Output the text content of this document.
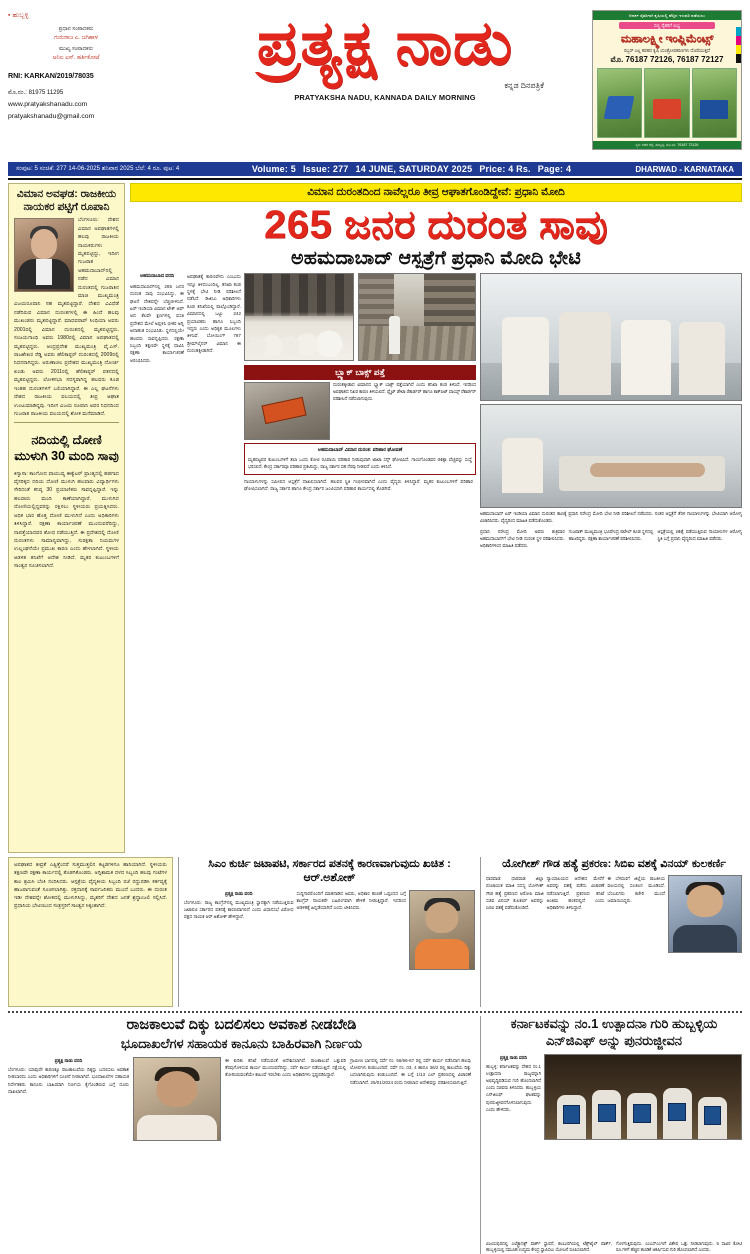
▪ ಹುಬ್ಬಳ್ಳಿ
ಪ್ರಧಾನ ಸಂಪಾದಕರು
ಗುರುರಾಜ ಎ. ಜಗಿಹಾಳ
ಮುಖ್ಯ ಸಂಪಾದಕರು
ಅನಿಲ ಎಸ್. ಹರ್ತಿಕೋಟೆ
RNI: KARKAN/2019/78035
ಮೊ.ನಂ.: 81975 11295
www.pratyakshanadu.com
pratyakshanadu@gmail.com
ಪ್ರತ್ಯಕ್ಷ ನಾಡು
ಕನ್ನಡ ದಿನಪತ್ರಿಕೆ
PRATYAKSHA NADU, KANNADA DAILY MORNING
ಆದರ್ಶ ರೈತರಿಗಾಗಿ ಕೃಷಿಯಲ್ಲಿ ಹೆಚ್ಚಿನ ಇಳುವರಿ ಪಡೆಯಲು
ಸಣ್ಣ ರೈತರಿಗೆ ಲಭ್ಯ
ಮಹಾಲಕ್ಷ್ಮೀ ಇಂಪ್ಲಿಮೆಂಟ್ಸ್
ರಬ್ಬರ್ ಎಲ್ಲ ತರಹದ ಕೃಷಿ ಯಂತ್ರೋಪಕರಣಗಳು ದೊರೆಯುತ್ತದೆ
ಮೊ. 76187 72126, 76187 72127
ಸ್ಥಳ: ಗದಗ ರಸ್ತೆ, ಹುಬ್ಬಳ್ಳಿ, ಮೊ.ನಂ. 76187 72126
ಸಂಪುಟ: 5 ಸಂಚಿಕೆ: 277 14-06-2025 ಶನಿವಾರ 2025 ಬೆಲೆ: 4 ರೂ. ಪುಟ: 4	Volume: 5 Issue: 277 14 JUNE, SATURDAY 2025 Price: 4 Rs. Page: 4	DHARWAD - KARNATAKA
ವಿಮಾನ ಅವಘಡ: ರಾಜಕೀಯ ನಾಯಕರ ಪಟ್ಟಿಗೆ ರೂಪಾನಿ
ಬೆಂಗಳೂರು: ದೇಶದ ವಿಮಾನ ಅವಘಾತಗಳಲ್ಲಿ ಹಲವು ರಾಜಕೀಯ ನಾಯಕರುಗಳು ಮೃತಪಟ್ಟಿದ್ದು, ಇದೀಗ ಗುಜರಾತ ಅಹಮದಾಬಾದ್‌ನಲ್ಲಿ ನಡೆದ ವಿಮಾನ ದುರಂತದಲ್ಲಿ ಗುಜರಾತಿನ ಮಾಜಿ ಮುಖ್ಯಮಂತ್ರಿ ವಿಜಯರೂಪಾನಿ ಸಹ ಮೃತಪಟ್ಟಿದ್ದಾರೆ. ದೇಶದ ವಿವಿಧೆಡೆ ನಡೆದಿರುವ ವಿಮಾನ ದುರಂತಗಳಲ್ಲಿ ಈ ಹಿಂದೆ ಹಲವು ಮುಖಂಡರು ಮೃತಪಟ್ಟಿದ್ದಾರೆ. ಮಾಧವರಾವ್ ಸಿಂಧಿಯಾ ಅವರು 2001ರಲ್ಲಿ ವಿಮಾನ ದುರಂತದಲ್ಲಿ ಮೃತಪಟ್ಟಿದ್ದರು. ಸಂಜಯಗಾಂಧಿ ಅವರು 1980ರಲ್ಲಿ ವಿಮಾನ ಅಪಘಾತದಲ್ಲಿ ಮೃತಪಟ್ಟಿದ್ದರು. ಆಂಧ್ರಪ್ರದೇಶ ಮುಖ್ಯಮಂತ್ರಿ ವೈ.ಎಸ್. ರಾಜಶೇಖರ ರೆಡ್ಡಿ ಅವರು ಹೆಲಿಕಾಪ್ಟರ್ ದುರಂತದಲ್ಲಿ 2009ರಲ್ಲಿ ನಿಧನರಾಗಿದ್ದರು. ಅರುಣಾಚಲ ಪ್ರದೇಶದ ಮುಖ್ಯಮಂತ್ರಿ ದೋರ್ಜಿ ಖಂಡು ಅವರು 2011ರಲ್ಲಿ ಹೆಲಿಕಾಪ್ಟರ್ ಪತನದಲ್ಲಿ ಮೃತಪಟ್ಟಿದ್ದರು. ಲೋಕಸಭಾ ಸದಸ್ಯರಾಗಿದ್ದ ಹಲವರು ಕೂಡ ಇಂತಹ ದುರಂತಗಳಿಗೆ ಬಲಿಯಾಗಿದ್ದಾರೆ. ಈ ಎಲ್ಲ ಘಟನೆಗಳು ದೇಶದ ರಾಜಕೀಯ ವಲಯದಲ್ಲಿ ತೀವ್ರ ಆಘಾತ ಉಂಟುಮಾಡಿದ್ದವು. ಇದೀಗ ವಿಜಯ ರೂಪಾನಿ ಅವರ ನಿಧನದಿಂದ ಗುಜರಾತ ರಾಜಕೀಯ ವಲಯದಲ್ಲಿ ಶೋಕ ಮನೆಮಾಡಿದೆ.
ನದಿಯಲ್ಲಿ ದೋಣಿ ಮುಳುಗಿ 30 ಮಂದಿ ಸಾವು
ಕಿನ್ಶಾಸಾ: ಕಾಂಗೋದ ವಾಯುವ್ಯ ಈಕ್ವೆಟರ್ ಪ್ರಾಂತ್ಯದಲ್ಲಿ ಹಡಗಾದ ವೈಸರಿಕ್ಕದ ನದಿಯ ದೋಣಿ ಮುಳುಗಿ ಹಲವಾರು ವಿದ್ಯಾರ್ಥಿಗಳು ಸೇರಿದಂತೆ ಕನಿಷ್ಠ 30 ಪ್ರಯಾಣಿಕರು ಸಾವನ್ನಪ್ಪಿದ್ದಾರೆ. ಇನ್ನು ಹಲವಾರು ಮಂದಿ ಕಾಣೆಯಾಗಿದ್ದಾರೆ. ಮುಳುಗಿದ ದೋಣಿಯಲ್ಲಿದ್ದವರನ್ನು ರಕ್ಷಿಸಲು ಸ್ಥಳೀಯರು ಪ್ರಯತ್ನಿಸಿದರು. ಅಧಿಕ ಭಾರ ಹೊತ್ತ ದೋಣಿ ಮುಳುಗಿದೆ ಎಂದು ಅಧಿಕಾರಿಗಳು ತಿಳಿಸಿದ್ದಾರೆ. ರಕ್ಷಣಾ ಕಾರ್ಯಾಚರಣೆ ಮುಂದುವರೆದಿದ್ದು, ನಾಪತ್ತೆಯಾದವರ ಶೋಧ ನಡೆಯುತ್ತಿದೆ. ಈ ಪ್ರದೇಶದಲ್ಲಿ ದೋಣಿ ದುರಂತಗಳು ಸಾಮಾನ್ಯವಾಗಿದ್ದು, ಸುರಕ್ಷತಾ ನಿಯಮಗಳ ಉಲ್ಲಂಘನೆಯೇ ಪ್ರಮುಖ ಕಾರಣ ಎಂದು ಹೇಳಲಾಗಿದೆ. ಸ್ಥಳೀಯ ಆಡಳಿತ ತನಿಖೆಗೆ ಆದೇಶ ನೀಡಿದೆ. ಮೃತರ ಕುಟುಂಬಗಳಿಗೆ ಸಾಂತ್ವನ ಸೂಚಿಸಲಾಗಿದೆ.
ವಿಮಾನ ದುರಂತದಿಂದ ನಾವೆಲ್ಲರೂ ತೀವ್ರ ಆಘಾತಗೊಂಡಿದ್ದೇವೆ: ಪ್ರಧಾನಿ ಮೋದಿ
265 ಜನರ ದುರಂತ ಸಾವು
ಅಹಮದಾಬಾದ್ ಆಸ್ಪತ್ರೆಗೆ ಪ್ರಧಾನಿ ಮೋದಿ ಭೇಟಿ
ಅಹಮದಾಬಾದ ವರದಿ
ಅಹಮದಾಬಾದ್‌ನಲ್ಲಿ 265 ಜನರ ದುರಂತ ಸಾವು ಸಂಭವಿಸಿದ್ದು, ಈ ಘಟನೆ ದೇಶವನ್ನೇ ಬೆಚ್ಚಿಬೀಳಿಸಿದೆ. ಏರ್ ಇಂಡಿಯಾ ವಿಮಾನ ಟೇಕ್ ಆಫ್ ಆದ ಕೆಲವೇ ಕ್ಷಣಗಳಲ್ಲಿ ವಸತಿ ಪ್ರದೇಶದ ಮೇಲೆ ಅಪ್ಪಳಿಸಿ ಭೀಕರ ಅಗ್ನಿ ಅನಾಹುತ ಸಂಭವಿಸಿತು. ಸ್ಥಳದಲ್ಲಿಯೇ ಹಲವರು ಸಾವನ್ನಪ್ಪಿದರು. ರಕ್ಷಣಾ ಸಿಬ್ಬಂದಿ ತಕ್ಷಣವೇ ಸ್ಥಳಕ್ಕೆ ಧಾವಿಸಿ ರಕ್ಷಣಾ ಕಾರ್ಯಾಚರಣೆ ಆರಂಭಿಸಿದರು.
ಅಪಘಾತಕ್ಕೆ ಕಾರಣವೇನು ಎಂಬುದು ಇನ್ನೂ ತಿಳಿದುಬಂದಿಲ್ಲ. ತನಿಖಾ ತಂಡ ಸ್ಥಳಕ್ಕೆ ಭೇಟಿ ನೀಡಿ ಪರಿಶೀಲನೆ ನಡೆಸಿದೆ. ಡಿಜಿಸಿಎ ಅಧಿಕಾರಿಗಳು ಕೂಡ ತನಿಖೆಯಲ್ಲಿ ಪಾಲ್ಗೊಂಡಿದ್ದಾರೆ. ವಿಮಾನದಲ್ಲಿ ಒಟ್ಟು 242 ಪ್ರಯಾಣಿಕರು ಹಾಗೂ ಸಿಬ್ಬಂದಿ ಇದ್ದರು ಎಂದು ಅಧಿಕೃತ ಮೂಲಗಳು ತಿಳಿಸಿವೆ. ಬೋಯಿಂಗ್ 787 ಡ್ರೀಮ್‌ಲೈನರ್ ವಿಮಾನ ಈ ದುರಂತಕ್ಕೀಡಾಗಿದೆ.
ಬ್ಲ್ಯಾಕ್ ಬಾಕ್ಸ್ ಪತ್ತೆ
ದುರಂತಕ್ಕೀಡಾದ ವಿಮಾನದ ಬ್ಲ್ಯಾಕ್ ಬಾಕ್ಸ್ ಪತ್ತೆಯಾಗಿದೆ ಎಂದು ತನಿಖಾ ತಂಡ ತಿಳಿಸಿದೆ. ಇದರಿಂದ ಅಪಘಾತದ ನಿಖರ ಕಾರಣ ತಿಳಿಯಲಿದೆ. ಫ್ಲೈಟ್ ಡೇಟಾ ರೆಕಾರ್ಡರ್ ಹಾಗೂ ಕಾಕ್‌ಪಿಟ್ ವಾಯ್ಸ್ ರೆಕಾರ್ಡರ್ ಪರಿಶೀಲನೆ ನಡೆಸಲಾಗುವುದು.
ಅಹಮದಾಬಾದ್ ವಿಮಾನ ದುರಂತ: ಪರಿಹಾರ ಘೋಷಣೆ
ಮೃತಪಟ್ಟವರ ಕುಟುಂಬಗಳಿಗೆ ತಲಾ ಒಂದು ಕೋಟಿ ರೂಪಾಯಿ ಪರಿಹಾರ ನೀಡುವುದಾಗಿ ಟಾಟಾ ಸನ್ಸ್ ಘೋಷಿಸಿದೆ. ಗಾಯಗೊಂಡವರ ಚಿಕಿತ್ಸಾ ವೆಚ್ಚವನ್ನು ಸಂಸ್ಥೆ ಭರಿಸಲಿದೆ. ಕೇಂದ್ರ ಸರ್ಕಾರವೂ ಪರಿಹಾರ ಪ್ರಕಟಿಸಿದ್ದು, ರಾಜ್ಯ ಸರ್ಕಾರ ಸಹ ನೆರವು ನೀಡಲಿದೆ ಎಂದು ತಿಳಿಸಿದೆ.
ಗಾಯಾಳುಗಳನ್ನು ಸಮೀಪದ ಆಸ್ಪತ್ರೆಗೆ ದಾಖಲಿಸಲಾಗಿದೆ. ಹಲವರ ಸ್ಥಿತಿ ಗಂಭೀರವಾಗಿದೆ ಎಂದು ವೈದ್ಯರು ತಿಳಿಸಿದ್ದಾರೆ. ಮೃತರ ಕುಟುಂಬಗಳಿಗೆ ಪರಿಹಾರ ಘೋಷಿಸಲಾಗಿದೆ. ರಾಜ್ಯ ಸರ್ಕಾರ ಹಾಗೂ ಕೇಂದ್ರ ಸರ್ಕಾರ ಜಂಟಿಯಾಗಿ ಪರಿಹಾರ ಕಾರ್ಯದಲ್ಲಿ ತೊಡಗಿವೆ.
ಅಹಮದಾಬಾದ್ ಏರ್ ಇಂಡಿಯಾ ವಿಮಾನ ದುರಂತದ ತಾಣಕ್ಕೆ ಪ್ರಧಾನಿ ನರೇಂದ್ರ ಮೋದಿ ಭೇಟಿ ನೀಡಿ ಪರಿಶೀಲನೆ ನಡೆಸಿದರು. ನಂತರ ಆಸ್ಪತ್ರೆಗೆ ತೆರಳಿ ಗಾಯಾಳುಗಳನ್ನು ಭೇಟಿಯಾಗಿ ಆರೋಗ್ಯ ವಿಚಾರಿಸಿದರು. ವೈದ್ಯರಿಂದ ಮಾಹಿತಿ ಪಡೆದುಕೊಂಡರು.
ಪ್ರಧಾನಿ ನರೇಂದ್ರ ಮೋದಿ ಅವರು ಶುಕ್ರವಾರ ಅಹಮದಾಬಾದ್‌ಗೆ ಭೇಟಿ ನೀಡಿ ದುರಂತ ಸ್ಥಳ ಪರಿಶೀಲಿಸಿದರು. ಅಧಿಕಾರಿಗಳಿಂದ ಮಾಹಿತಿ ಪಡೆದರು.
ಗುಜರಾತ್ ಮುಖ್ಯಮಂತ್ರಿ ಭೂಪೇಂದ್ರ ಪಟೇಲ್ ಕೂಡ ಸ್ಥಳದಲ್ಲಿ ಹಾಜರಿದ್ದರು. ರಕ್ಷಣಾ ಕಾರ್ಯಾಚರಣೆ ಪರಿಶೀಲಿಸಿದರು.
ಆಸ್ಪತ್ರೆಯಲ್ಲಿ ಚಿಕಿತ್ಸೆ ಪಡೆಯುತ್ತಿರುವ ಗಾಯಾಳುಗಳ ಆರೋಗ್ಯ ಸ್ಥಿತಿ ಬಗ್ಗೆ ಪ್ರಧಾನಿ ವೈದ್ಯರಿಂದ ಮಾಹಿತಿ ಪಡೆದರು.
ಅಪಘಾತದ ತೀವ್ರತೆ ಎಷ್ಟಿತ್ತೆಂದರೆ ಸುತ್ತಮುತ್ತಲಿನ ಕಟ್ಟಡಗಳಿಗೂ ಹಾನಿಯಾಗಿದೆ. ಸ್ಥಳೀಯರು ತಕ್ಷಣವೇ ರಕ್ಷಣಾ ಕಾರ್ಯದಲ್ಲಿ ತೊಡಗಿಕೊಂಡರು. ಅಗ್ನಿಶಾಮಕ ದಳದ ಸಿಬ್ಬಂದಿ ಹಲವು ಗಂಟೆಗಳ ಕಾಲ ಶ್ರಮಿಸಿ ಬೆಂಕಿ ನಂದಿಸಿದರು. ಆಸ್ಪತ್ರೆಯ ವೈದ್ಯಕೀಯ ಸಿಬ್ಬಂದಿ ರಜೆ ರದ್ದುಪಡಿಸಿ ಕರ್ತವ್ಯಕ್ಕೆ ಹಾಜರಾಗುವಂತೆ ಸೂಚಿಸಲಾಗಿತ್ತು. ರಕ್ತದಾನಕ್ಕೆ ಸಾರ್ವಜನಿಕರು ಮುಂದೆ ಬಂದರು. ಈ ದುರಂತ ಇಡೀ ದೇಶವನ್ನೇ ಶೋಕದಲ್ಲಿ ಮುಳುಗಿಸಿದ್ದು, ಮೃತರಿಗೆ ದೇಶದ ಜನತೆ ಶ್ರದ್ಧಾಂಜಲಿ ಸಲ್ಲಿಸಿದೆ. ಪ್ರಧಾನಿಯ ಭೇಟಿಯಿಂದ ಸಂತ್ರಸ್ತರಿಗೆ ಸಾಂತ್ವನ ಸಿಕ್ಕಂತಾಗಿದೆ.
ಸಿಎಂ ಕುರ್ಚಿ ಜಟಾಪಟಿ, ಸರ್ಕಾರದ ಪತನಕ್ಕೆ ಕಾರಣವಾಗುವುದು ಖಚಿತ : ಆರ್.ಅಶೋಕ್
ಪ್ರತ್ಯಕ್ಷ ನಾಡು ವರದಿ
ಬೆಂಗಳೂರು: ರಾಜ್ಯ ಕಾಂಗ್ರೆಸ್‌ನಲ್ಲಿ ಮುಖ್ಯಮಂತ್ರಿ ಸ್ಥಾನಕ್ಕಾಗಿ ನಡೆಯುತ್ತಿರುವ ಜಟಾಪಟಿ ಸರ್ಕಾರದ ಪತನಕ್ಕೆ ಕಾರಣವಾಗಲಿದೆ ಎಂದು ವಿಧಾನಸಭೆ ವಿರೋಧ ಪಕ್ಷದ ನಾಯಕ ಆರ್.ಅಶೋಕ್ ಹೇಳಿದ್ದಾರೆ.
ಸುದ್ದಿಗಾರರೊಂದಿಗೆ ಮಾತನಾಡಿದ ಅವರು, ಅಧಿಕಾರ ಹಂಚಿಕೆ ಒಪ್ಪಂದದ ಬಗ್ಗೆ ಕಾಂಗ್ರೆಸ್ ನಾಯಕರೇ ಬಹಿರಂಗವಾಗಿ ಹೇಳಿಕೆ ನೀಡುತ್ತಿದ್ದಾರೆ. ಇದರಿಂದ ಆಡಳಿತಕ್ಕೆ ಹಿನ್ನಡೆಯಾಗಿದೆ ಎಂದು ಟೀಕಿಸಿದರು.
ಯೋಗೀಶ್ ಗೌಡ ಹತ್ಯೆ ಪ್ರಕರಣ: ಸಿಬಿಐ ವಶಕ್ಕೆ ವಿನಯ್ ಕುಲಕರ್ಣಿ
ಧಾರವಾಡ: ಧಾರವಾಡ ಜಿಲ್ಲಾ ಪಂಚಾಯತ ಮಾಜಿ ಸದಸ್ಯ ಯೋಗೀಶ್ ಗೌಡ ಹತ್ಯೆ ಪ್ರಕರಣದ ಆರೋಪಿ ಮಾಜಿ ಸಚಿವ ವಿನಯ್ ಕುಲಕರ್ಣಿ ಅವರನ್ನು ಸಿಬಿಐ ವಶಕ್ಕೆ ಪಡೆದುಕೊಂಡಿದೆ.
ನ್ಯಾಯಾಲಯದ ಆದೇಶದ ಮೇರೆಗೆ ಅವರನ್ನು ವಶಕ್ಕೆ ಪಡೆದು ವಿಚಾರಣೆ ನಡೆಸಲಾಗುತ್ತಿದೆ. ಪ್ರಕರಣದ ತನಿಖೆ ಅಂತಿಮ ಹಂತದಲ್ಲಿದೆ ಎಂದು ಅಧಿಕಾರಿಗಳು ತಿಳಿಸಿದ್ದಾರೆ.
ಈ ಬೆಳವಣಿಗೆ ಜಿಲ್ಲೆಯ ರಾಜಕೀಯ ವಲಯದಲ್ಲಿ ಸಂಚಲನ ಮೂಡಿಸಿದೆ. ಬೆಂಬಲಿಗರು ಕಚೇರಿ ಮುಂದೆ ಜಮಾಯಿಸಿದ್ದರು.
ರಾಜಕಾಲುವೆ ದಿಕ್ಕು ಬದಲಿಸಲು ಅವಕಾಶ ನೀಡಬೇಡಿ
ಭೂದಾಖಲೆಗಳ ಸಹಾಯಕ ಕಾನೂನು ಬಾಹಿರವಾಗಿ ನಿರ್ಣಯ
ಪ್ರತ್ಯಕ್ಷ ನಾಡು ವರದಿ
ಬೆಂಗಳೂರು: ಯಾವುದೇ ಕಾರಣಕ್ಕೂ ರಾಜಕಾಲುವೆಯ ದಿಕ್ಕನ್ನು ಬದಲಿಸಲು ಅವಕಾಶ ನೀಡಬಾರದು ಎಂದು ಅಧಿಕಾರಿಗಳಿಗೆ ಸೂಚನೆ ನೀಡಲಾಗಿದೆ. ಭೂದಾಖಲೆಗಳ ಸಹಾಯಕ ನಿರ್ದೇಶಕರು ಕಾನೂನು ಬಾಹಿರವಾಗಿ ನಿರ್ಣಯ ಕೈಗೊಂಡಿರುವ ಬಗ್ಗೆ ದೂರು ದಾಖಲಾಗಿದೆ.
ಈ ಕುರಿತು ತನಿಖೆ ನಡೆಸುವಂತೆ ಆದೇಶಿಸಲಾಗಿದೆ. ರಾಜಕಾಲುವೆ ಒತ್ತುವರಿ ತೆರವುಗೊಳಿಸುವ ಕಾರ್ಯ ಮುಂದುವರೆದಿದ್ದು, ಸರ್ವೆ ಕಾರ್ಯ ನಡೆಯುತ್ತಿದೆ. ನಕ್ಷೆಯಲ್ಲಿ ತೋರಿಸಿರುವಂತೆಯೇ ಕಾಲುವೆ ಇರಬೇಕು ಎಂದು ಅಧಿಕಾರಿಗಳು ಸ್ಪಷ್ಟಪಡಿಸಿದ್ದಾರೆ.
ಗ್ರಾಮೀಣ ಭಾಗದಲ್ಲಿ ಸರ್ವೆ ನಂ. 56/66-67 ರಲ್ಲಿ ಸರ್ವೆ ಕಾರ್ಯ ನಡೆಸಿದಾಗ ಹಲವು ಲೋಪಗಳು ಕಂಡುಬಂದಿವೆ. ಸರ್ವೆ ನಂ. 03, 4 ಹಾಗೂ 36/2 ರಲ್ಲಿ ಕಾಲುವೆಯ ದಿಕ್ಕು ಬದಲಾಗಿರುವುದು ಕಂಡುಬಂದಿದೆ. ಈ ಬಗ್ಗೆ 1/13 ಎಲ್ ಪ್ರಕರಣದಲ್ಲಿ ವಿಚಾರಣೆ ನಡೆಸಲಾಗಿದೆ. 25/01/2024 ರಂದು ನೀಡಲಾದ ಆದೇಶವನ್ನು ಪರಿಶೀಲಿಸಲಾಗುತ್ತಿದೆ.
ಕರ್ನಾಟಕವನ್ನು ನಂ.1 ಉತ್ಪಾದನಾ ಗುರಿ ಹುಬ್ಬಳ್ಳಿಯ ಎನ್‌ಜಿಎಫ್ ಅನ್ನು ಪುನರುಜ್ಜೀವನ
ಪ್ರತ್ಯಕ್ಷ ನಾಡು ವರದಿ
ಹುಬ್ಬಳ್ಳಿ: ಕರ್ನಾಟಕವನ್ನು ದೇಶದ ನಂ.1 ಉತ್ಪಾದನಾ ರಾಜ್ಯವನ್ನಾಗಿ ಅಭಿವೃದ್ಧಿಪಡಿಸುವ ಗುರಿ ಹೊಂದಲಾಗಿದೆ ಎಂದು ಸಚಿವರು ತಿಳಿಸಿದರು. ಹುಬ್ಬಳ್ಳಿಯ ಎನ್‌ಜಿಎಫ್ ಘಟಕವನ್ನು ಪುನರುಜ್ಜೀವನಗೊಳಿಸಲಾಗುವುದು ಎಂದು ಹೇಳಿದರು.
ವಿಜಯಪುರದಲ್ಲಿ ಎಲೆಕ್ಟ್ರಾನಿಕ್ಸ್ ಪಾರ್ಕ್ ಸ್ಥಾಪನೆ, ಕಲಬುರಗಿಯಲ್ಲಿ ಟೆಕ್ಸ್‌ಟೈಲ್ ಪಾರ್ಕ್, ಹುಬ್ಬಳ್ಳಿಯಲ್ಲಿ ಸಮೂಹ ಉದ್ಯಮ ಕೇಂದ್ರ ಸ್ಥಾಪಿಸಲು ಯೋಜನೆ ರೂಪಿಸಲಾಗಿದೆ.
ಗೊಳಗುತ್ತಿರುವುದು. ಎಂಎಸ್‌ಎಂಇಗೆ ವಿಶೇಷ ಒತ್ತು ನೀಡಲಾಗುವುದು. 5 ಸಾವಿರ ಕೋಟಿ ರೂ.ಗಳಿಗೆ ಹೆಚ್ಚಿನ ಹೂಡಿಕೆ ಆಕರ್ಷಿಸುವ ಗುರಿ ಹೊಂದಲಾಗಿದೆ ಎಂದರು.
